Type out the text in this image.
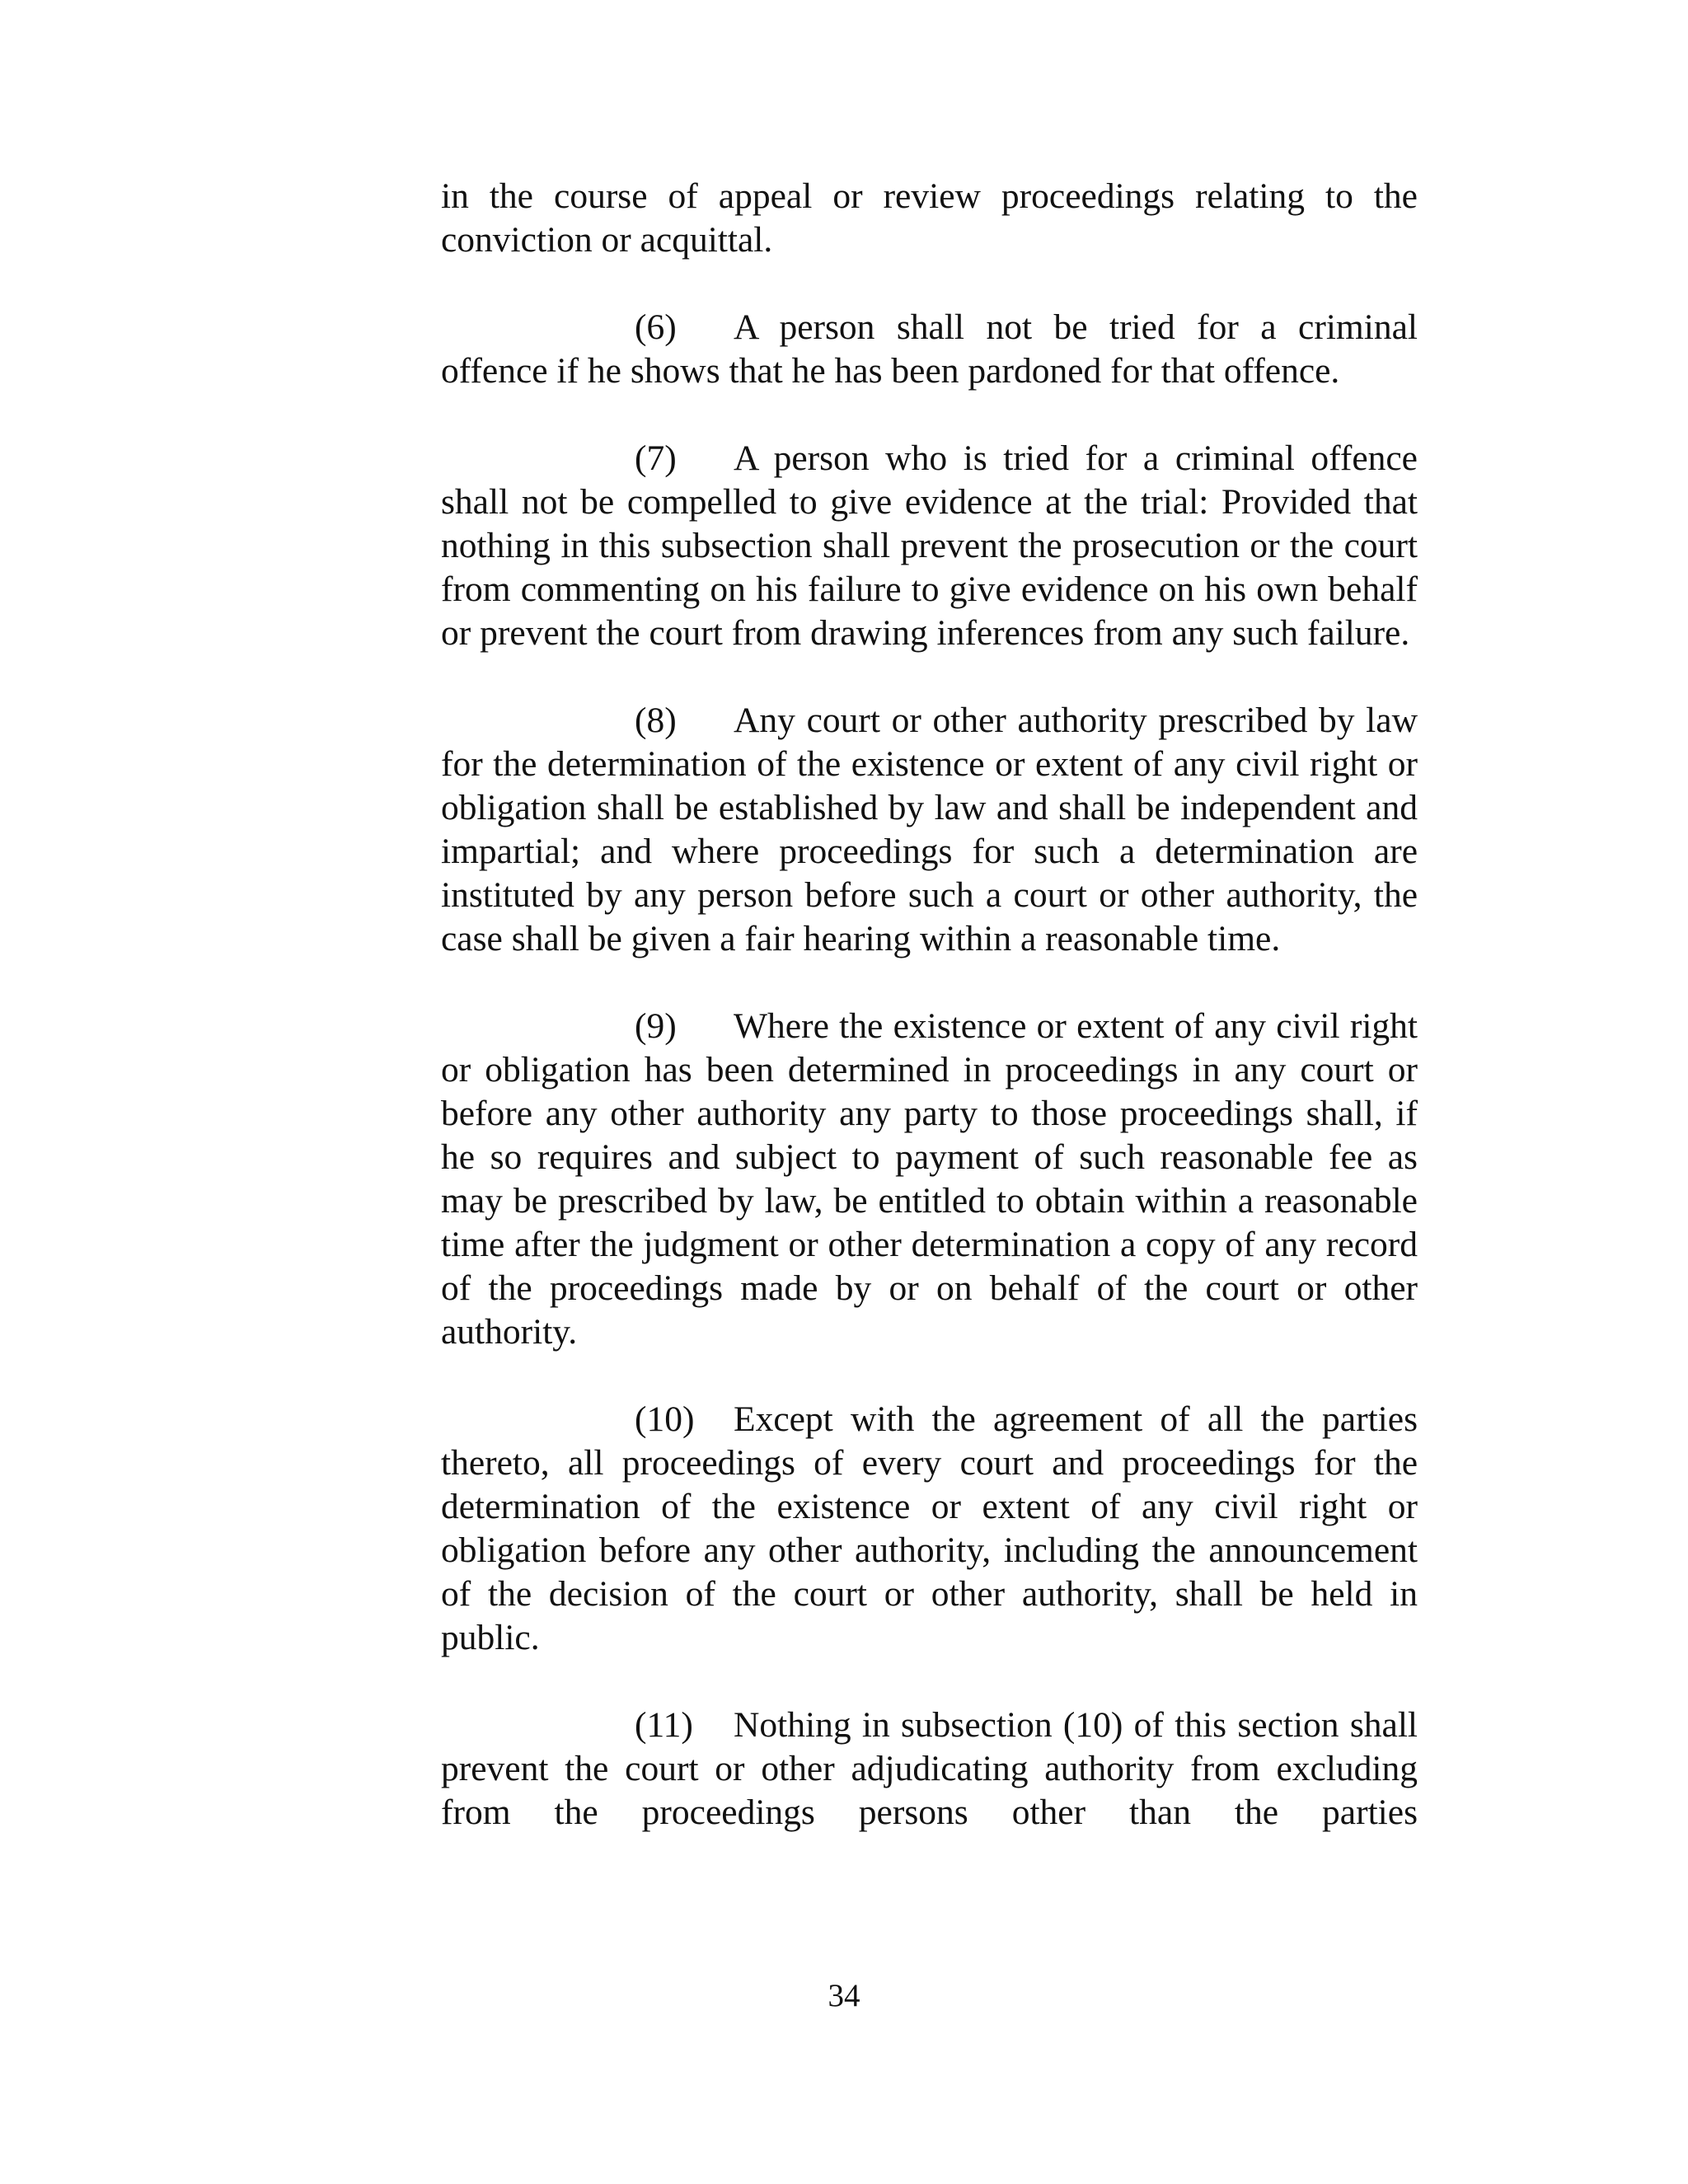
in the course of appeal or review proceedings relating to the conviction or acquittal.

(6) A person shall not be tried for a criminal offence if he shows that he has been pardoned for that offence.

(7) A person who is tried for a criminal offence shall not be compelled to give evidence at the trial: Provided that nothing in this subsection shall prevent the prosecution or the court from commenting on his failure to give evidence on his own behalf or prevent the court from drawing inferences from any such failure.

(8) Any court or other authority prescribed by law for the determination of the existence or extent of any civil right or obligation shall be established by law and shall be independent and impartial; and where proceedings for such a determination are instituted by any person before such a court or other authority, the case shall be given a fair hearing within a reasonable time.

(9) Where the existence or extent of any civil right or obligation has been determined in proceedings in any court or before any other authority any party to those proceedings shall, if he so requires and subject to payment of such reasonable fee as may be prescribed by law, be entitled to obtain within a reasonable time after the judgment or other determination a copy of any record of the proceedings made by or on behalf of the court or other authority.

(10) Except with the agreement of all the parties thereto, all proceedings of every court and proceedings for the determination of the existence or extent of any civil right or obligation before any other authority, including the announcement of the decision of the court or other authority, shall be held in public.

(11) Nothing in subsection (10) of this section shall prevent the court or other adjudicating authority from excluding from the proceedings persons other than the parties

34
